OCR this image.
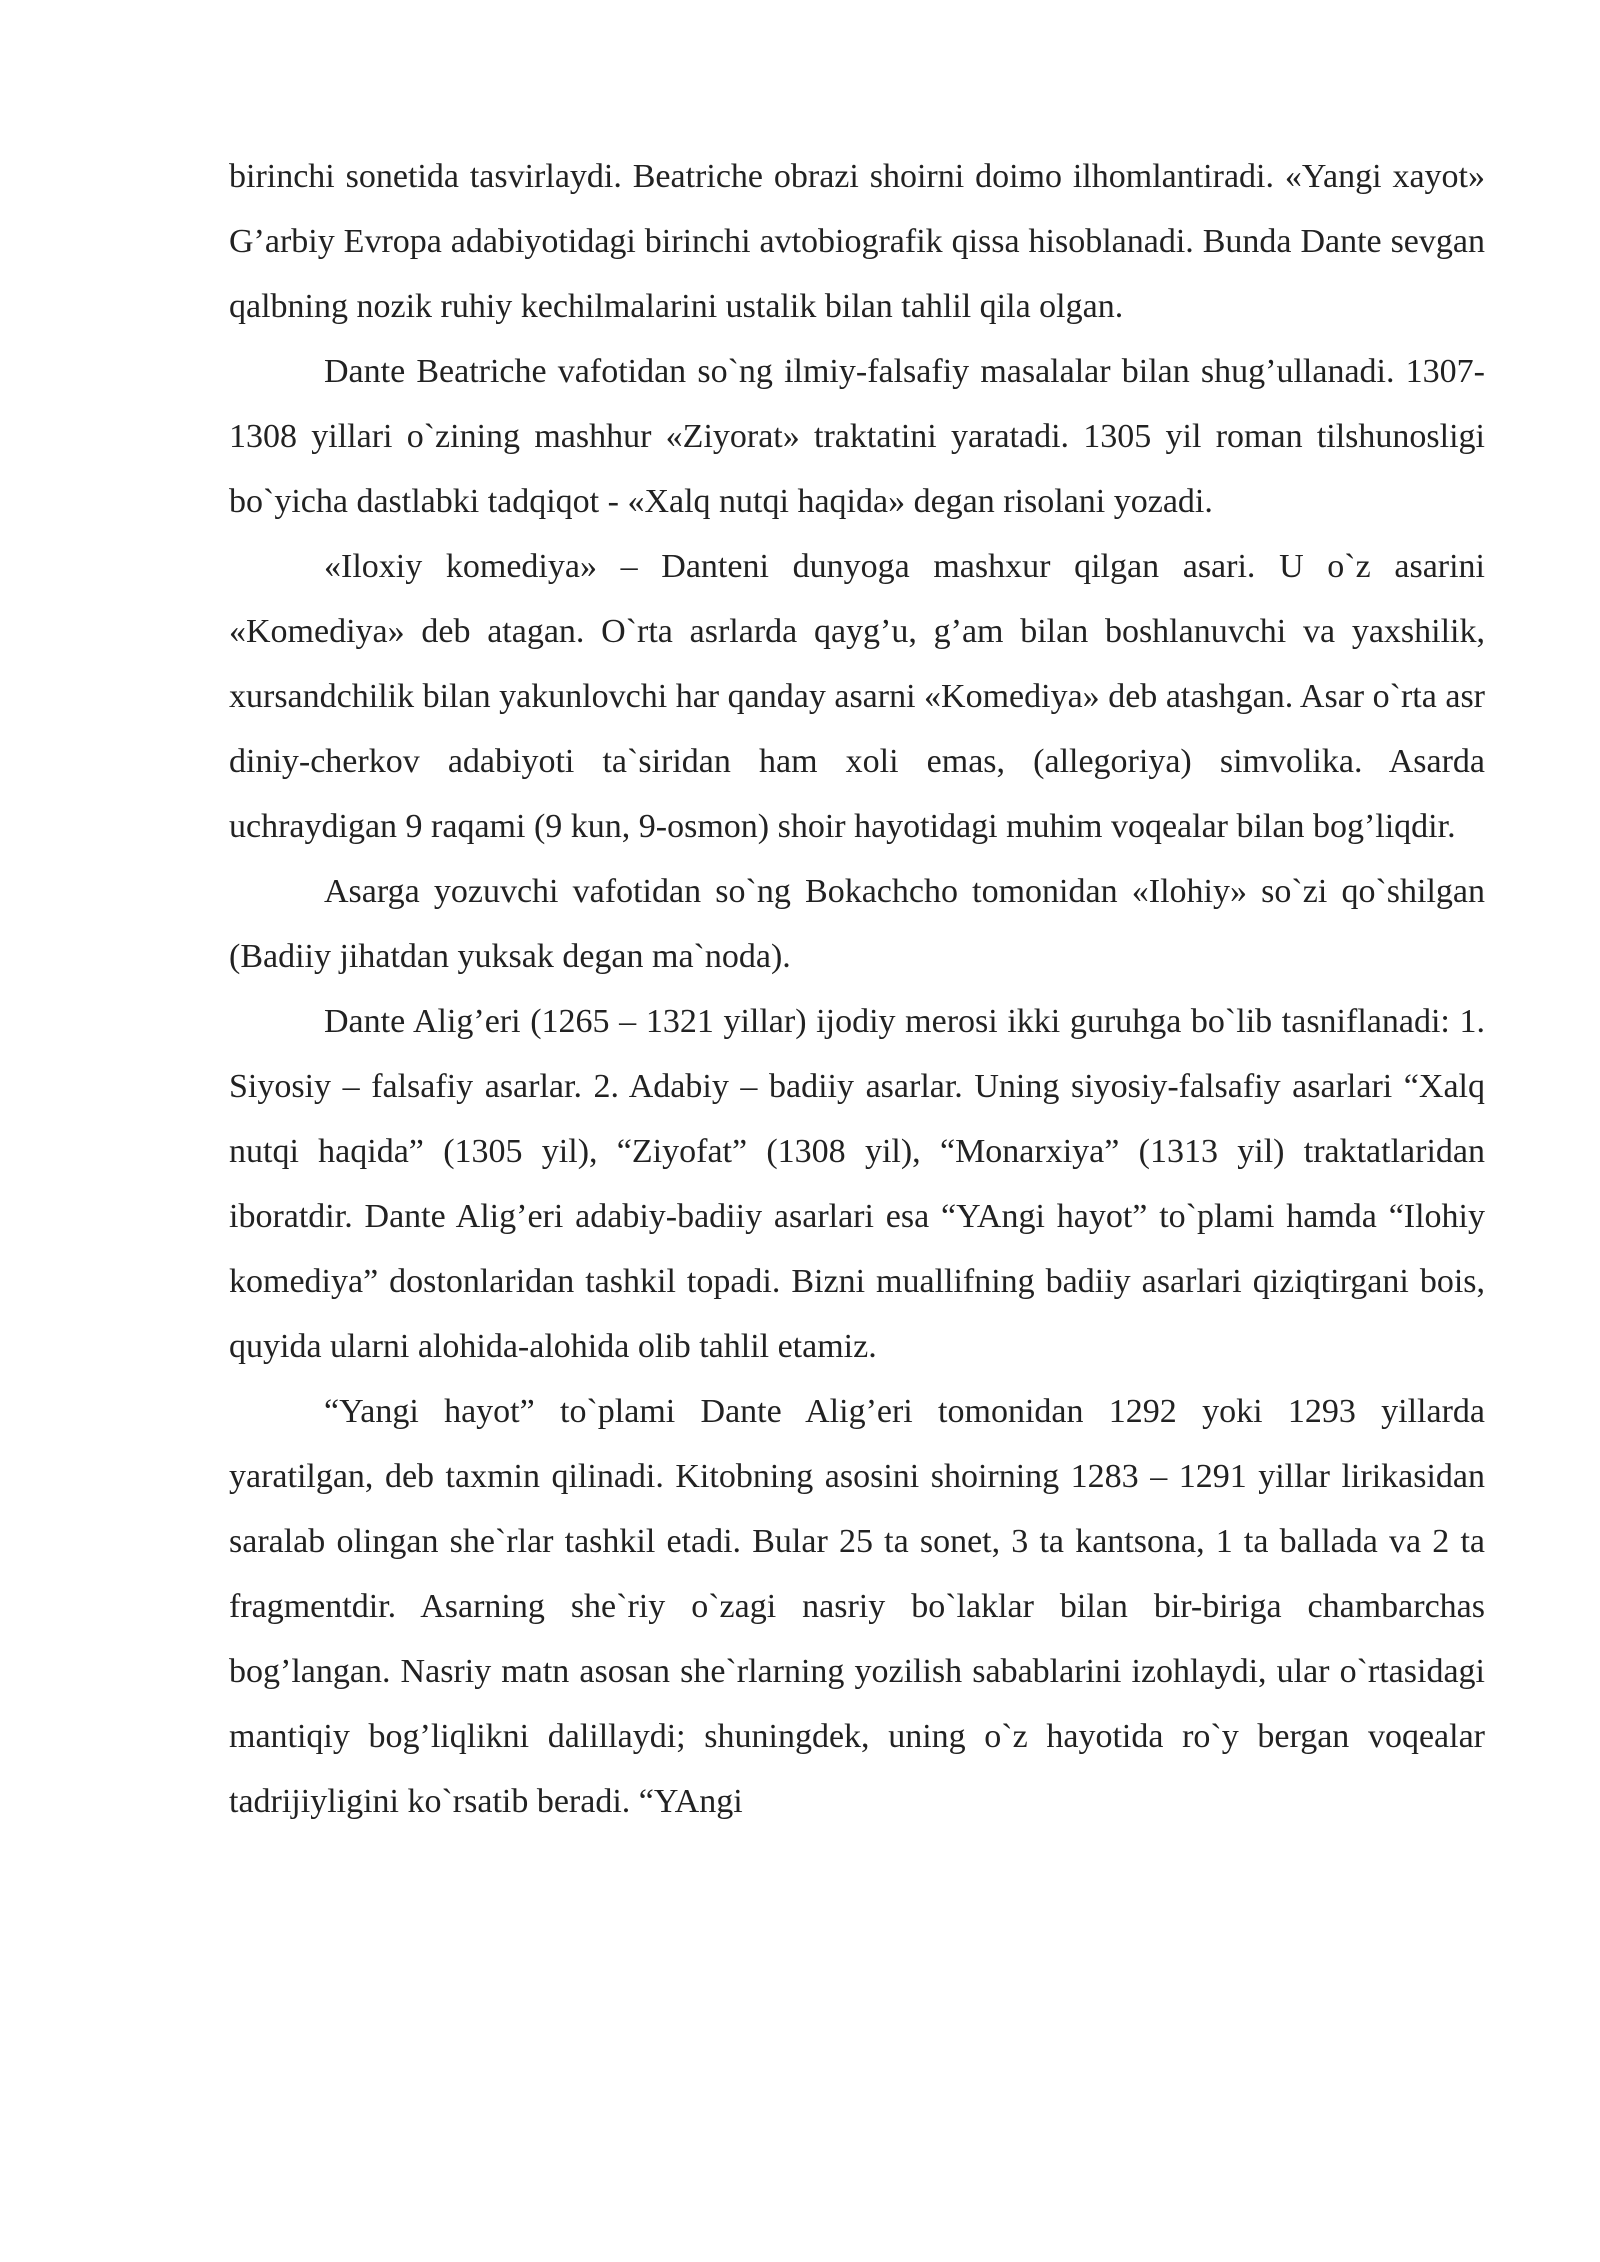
birinchi sonetida tasvirlaydi. Beatriche obrazi shoirni doimo ilhomlantiradi. «Yangi xayot» G’arbiy Evropa adabiyotidagi birinchi avtobiografik qissa hisoblanadi. Bunda Dante sevgan qalbning nozik ruhiy kechilmalarini ustalik bilan tahlil qila olgan.

Dante Beatriche vafotidan so`ng ilmiy-falsafiy masalalar bilan shug’ullanadi. 1307-1308 yillari o`zining mashhur «Ziyorat» traktatini yaratadi. 1305 yil roman tilshunosligi bo`yicha dastlabki tadqiqot - «Xalq nutqi haqida» degan risolani yozadi.

«Iloxiy komediya» – Danteni dunyoga mashxur qilgan asari. U o`z asarini «Komediya» deb atagan. O`rta asrlarda qayg’u, g’am bilan boshlanuvchi va yaxshilik, xursandchilik bilan yakunlovchi har qanday asarni «Komediya» deb atashgan. Asar o`rta asr diniy-cherkov adabiyoti ta`siridan ham xoli emas, (allegoriya) simvolika. Asarda uchraydigan 9 raqami (9 kun, 9-osmon) shoir hayotidagi muhim voqealar bilan bog’liqdir.

Asarga yozuvchi vafotidan so`ng Bokachcho tomonidan «Ilohiy» so`zi qo`shilgan (Badiiy jihatdan yuksak degan ma`noda).

Dante Alig’eri (1265 – 1321 yillar) ijodiy merosi ikki guruhga bo`lib tasniflanadi: 1. Siyosiy – falsafiy asarlar. 2. Adabiy – badiiy asarlar. Uning siyosiy-falsafiy asarlari “Xalq nutqi haqida” (1305 yil), “Ziyofat” (1308 yil), “Monarxiya” (1313 yil) traktatlaridan iboratdir. Dante Alig’eri adabiy-badiiy asarlari esa “YAngi hayot” to`plami hamda “Ilohiy komediya” dostonlaridan tashkil topadi. Bizni muallifning badiiy asarlari qiziqtirgani bois, quyida ularni alohida-alohida olib tahlil etamiz.

“Yangi hayot” to`plami Dante Alig’eri tomonidan 1292 yoki 1293 yillarda yaratilgan, deb taxmin qilinadi. Kitobning asosini shoirning 1283 – 1291 yillar lirikasidan saralab olingan she`rlar tashkil etadi. Bular 25 ta sonet, 3 ta kantsona, 1 ta ballada va 2 ta fragmentdir. Asarning she`riy o`zagi nasriy bo`laklar bilan bir-biriga chambarchas bog’langan. Nasriy matn asosan she`rlarning yozilish sabablarini izohlaydi, ular o`rtasidagi mantiqiy bog’liqlikni dalillaydi; shuningdek, uning o`z hayotida ro`y bergan voqealar tadrijiyligini ko`rsatib beradi. “YAngi
